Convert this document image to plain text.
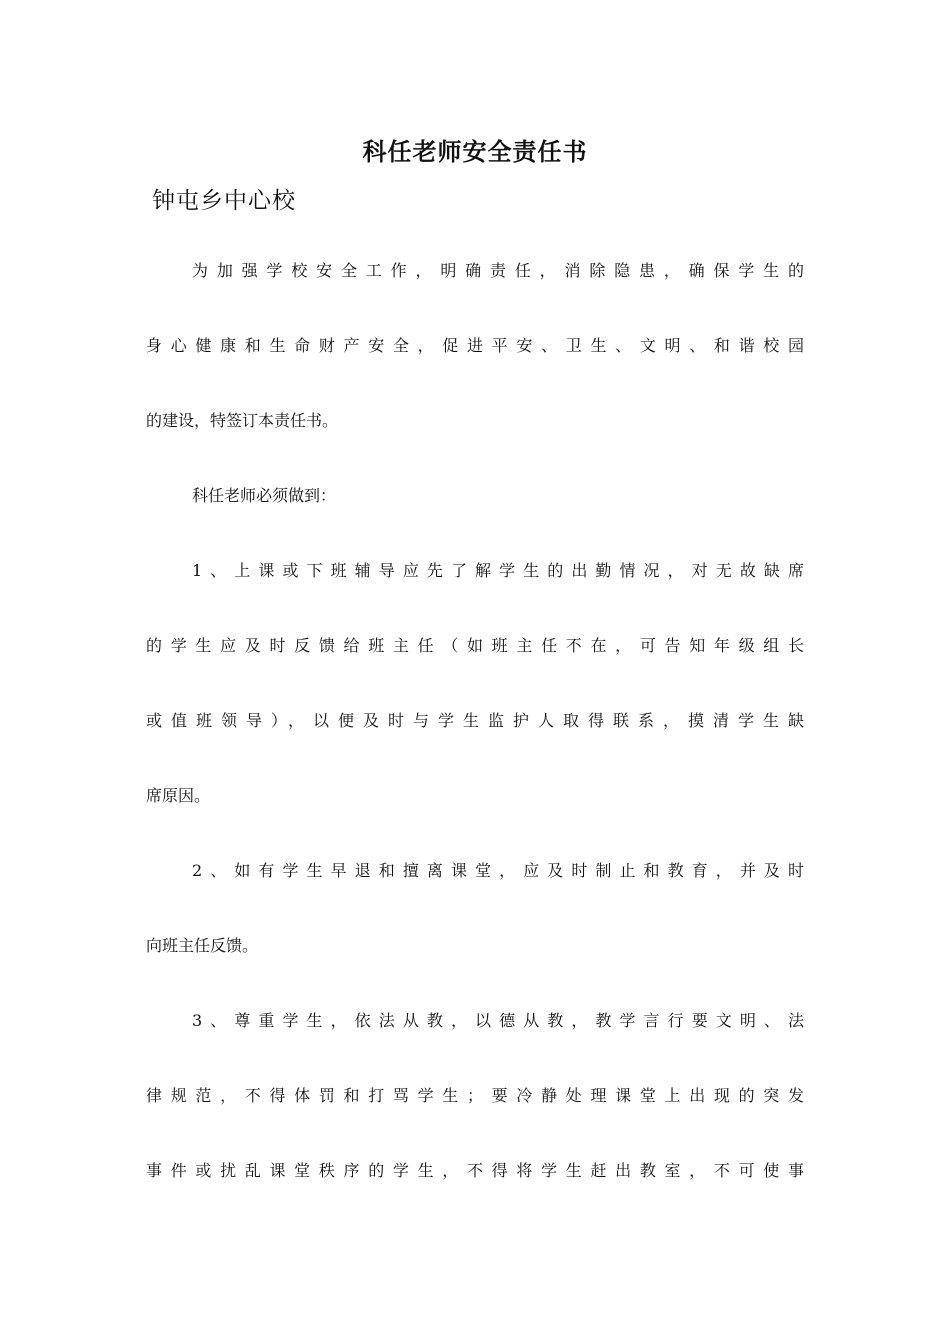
科任老师安全责任书

钟屯乡中心校

为加强学校安全工作，明确责任，消除隐患，确保学生的
身心健康和生命财产安全，促进平安、卫生、文明、和谐校园
的建设，特签订本责任书。
科任老师必须做到：
1、上课或下班辅导应先了解学生的出勤情况，对无故缺席
的学生应及时反馈给班主任（如班主任不在，可告知年级组长
或值班领导），以便及时与学生监护人取得联系，摸清学生缺
席原因。
2、如有学生早退和擅离课堂，应及时制止和教育，并及时
向班主任反馈。
3、尊重学生，依法从教，以德从教，教学言行要文明、法
律规范，不得体罚和打骂学生；要冷静处理课堂上出现的突发
事件或扰乱课堂秩序的学生，不得将学生赶出教室，不可使事
